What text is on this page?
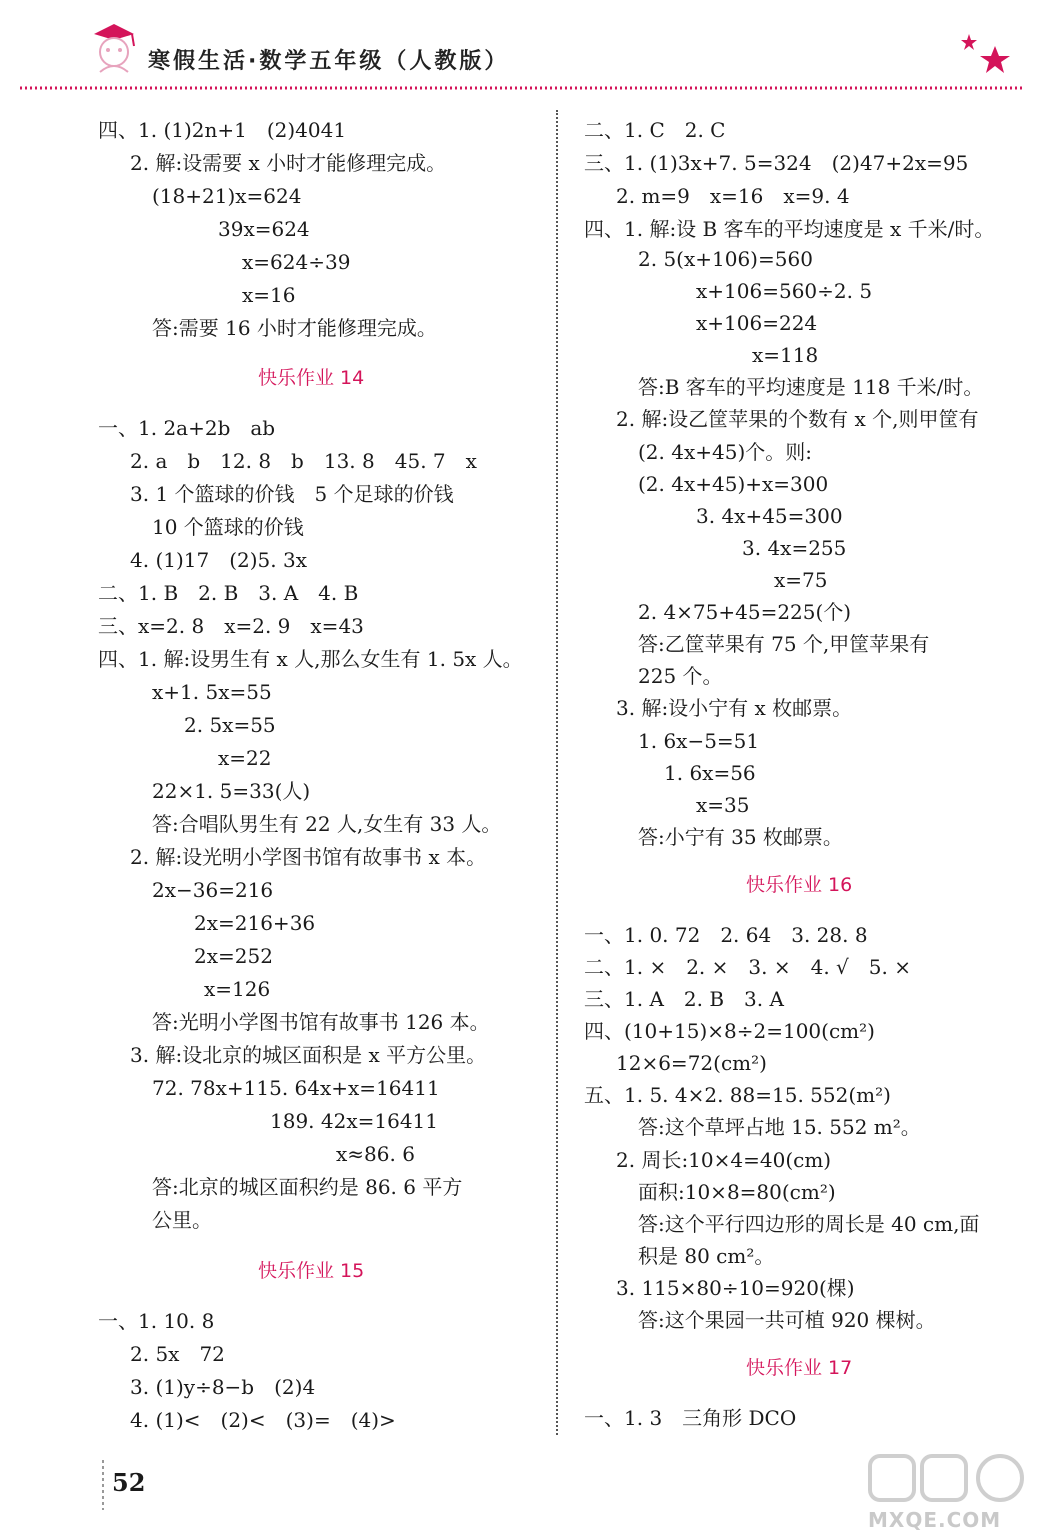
寒假生活·数学五年级（人教版）
四、1. (1)2n+1　(2)4041
2. 解:设需要 x 小时才能修理完成。
(18+21)x=624
39x=624
x=624÷39
x=16
答:需要 16 小时才能修理完成。
快乐作业 14
一、1. 2a+2b　ab
2. a　b　12. 8　b　13. 8　45. 7　x
3. 1 个篮球的价钱　5 个足球的价钱
10 个篮球的价钱
4. (1)17　(2)5. 3x
二、1. B　2. B　3. A　4. B
三、x=2. 8　x=2. 9　x=43
四、1. 解:设男生有 x 人,那么女生有 1. 5x 人。
x+1. 5x=55
2. 5x=55
x=22
22×1. 5=33(人)
答:合唱队男生有 22 人,女生有 33 人。
2. 解:设光明小学图书馆有故事书 x 本。
2x−36=216
2x=216+36
2x=252
x=126
答:光明小学图书馆有故事书 126 本。
3. 解:设北京的城区面积是 x 平方公里。
72. 78x+115. 64x+x=16411
189. 42x=16411
x≈86. 6
答:北京的城区面积约是 86. 6 平方
公里。
快乐作业 15
一、1. 10. 8
2. 5x　72
3. (1)y÷8−b　(2)4
4. (1)<　(2)<　(3)=　(4)>
二、1. C　2. C
三、1. (1)3x+7. 5=324　(2)47+2x=95
2. m=9　x=16　x=9. 4
四、1. 解:设 B 客车的平均速度是 x 千米/时。
2. 5(x+106)=560
x+106=560÷2. 5
x+106=224
x=118
答:B 客车的平均速度是 118 千米/时。
2. 解:设乙筐苹果的个数有 x 个,则甲筐有
(2. 4x+45)个。则:
(2. 4x+45)+x=300
3. 4x+45=300
3. 4x=255
x=75
2. 4×75+45=225(个)
答:乙筐苹果有 75 个,甲筐苹果有
225 个。
3. 解:设小宁有 x 枚邮票。
1. 6x−5=51
1. 6x=56
x=35
答:小宁有 35 枚邮票。
快乐作业 16
一、1. 0. 72　2. 64　3. 28. 8
二、1. ×　2. ×　3. ×　4. √　5. ×
三、1. A　2. B　3. A
四、(10+15)×8÷2=100(cm²)
12×6=72(cm²)
五、1. 5. 4×2. 88=15. 552(m²)
答:这个草坪占地 15. 552 m²。
2. 周长:10×4=40(cm)
面积:10×8=80(cm²)
答:这个平行四边形的周长是 40 cm,面
积是 80 cm²。
3. 115×80÷10=920(棵)
答:这个果园一共可植 920 棵树。
快乐作业 17
一、1. 3　三角形 DCO
52
MXQE.COM
